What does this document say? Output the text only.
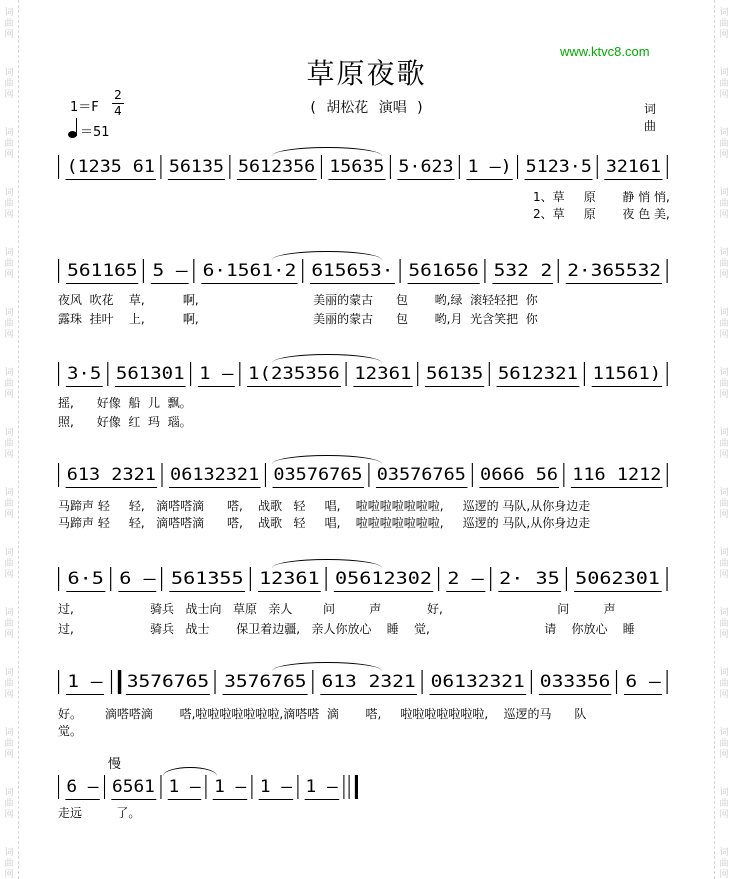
词
曲
网
词
曲
网
词
曲
网
词
曲
网
词
曲
网
词
曲
网
词
曲
网
词
曲
网
词
曲
网
词
曲
网
词
曲
网
词
曲
网
词
曲
网
词
曲
网
词
曲
网
词
曲
网
词
曲
网
词
曲
网
词
曲
网
词
曲
网
词
曲
网
词
曲
网
词
曲
网
词
曲
网
词
曲
网
词
曲
网
词
曲
网
词
曲
网
词
曲
网
词
曲
网
www.ktvc8.com
草原夜歌
( 胡松花 演唱 )	词
曲
1＝F
2
4
＝51
慢
(1235 61 56135 5612356 15635 5·623 1 —) 5123·5 32161
1、草     原       静 悄 悄,
2、草     原       夜 色 美,
561165 5 — 6·1561·2 615653· 561656 532 2 2·365532
夜风  吹花    草,          啊,                              美丽的蒙古      包       哟,绿  滚轻轻把  你
露珠  挂叶    上,          啊,                              美丽的蒙古      包       哟,月  光含笑把  你
3·5 561301 1 — 1(235356 12361 56135 5612321 11561)
摇,      好像  船  儿  飘。
照,      好像  红  玛  瑙。
613 2321 06132321 03576765 03576765 0666 56 116 1212
马蹄声 轻     轻,   滴嗒嗒滴      嗒,    战歌   轻     唱,    啦啦啦啦啦啦啦,     巡逻的 马队,从你身边走
马蹄声 轻     轻,   滴嗒嗒滴      嗒,    战歌   轻     唱,    啦啦啦啦啦啦啦,     巡逻的 马队,从你身边走
6·5 6 — 561355 12361 05612302 2 — 2· 35 5062301
过,                    骑兵   战士向   草原   亲人        问         声            好,                              问         声
过,                    骑兵   战士       保卫着边疆,   亲人你放心    睡    觉,                              请    你放心    睡
1 — 3576765 3576765 613 2321 06132321 033356 6 —
好。      滴嗒嗒滴       嗒,啦啦啦啦啦啦啦,滴嗒嗒  滴       嗒,     啦啦啦啦啦啦啦,    巡逻的马      队
觉。
6 — 6561 1 — 1 — 1 — 1 —
走远         了。
